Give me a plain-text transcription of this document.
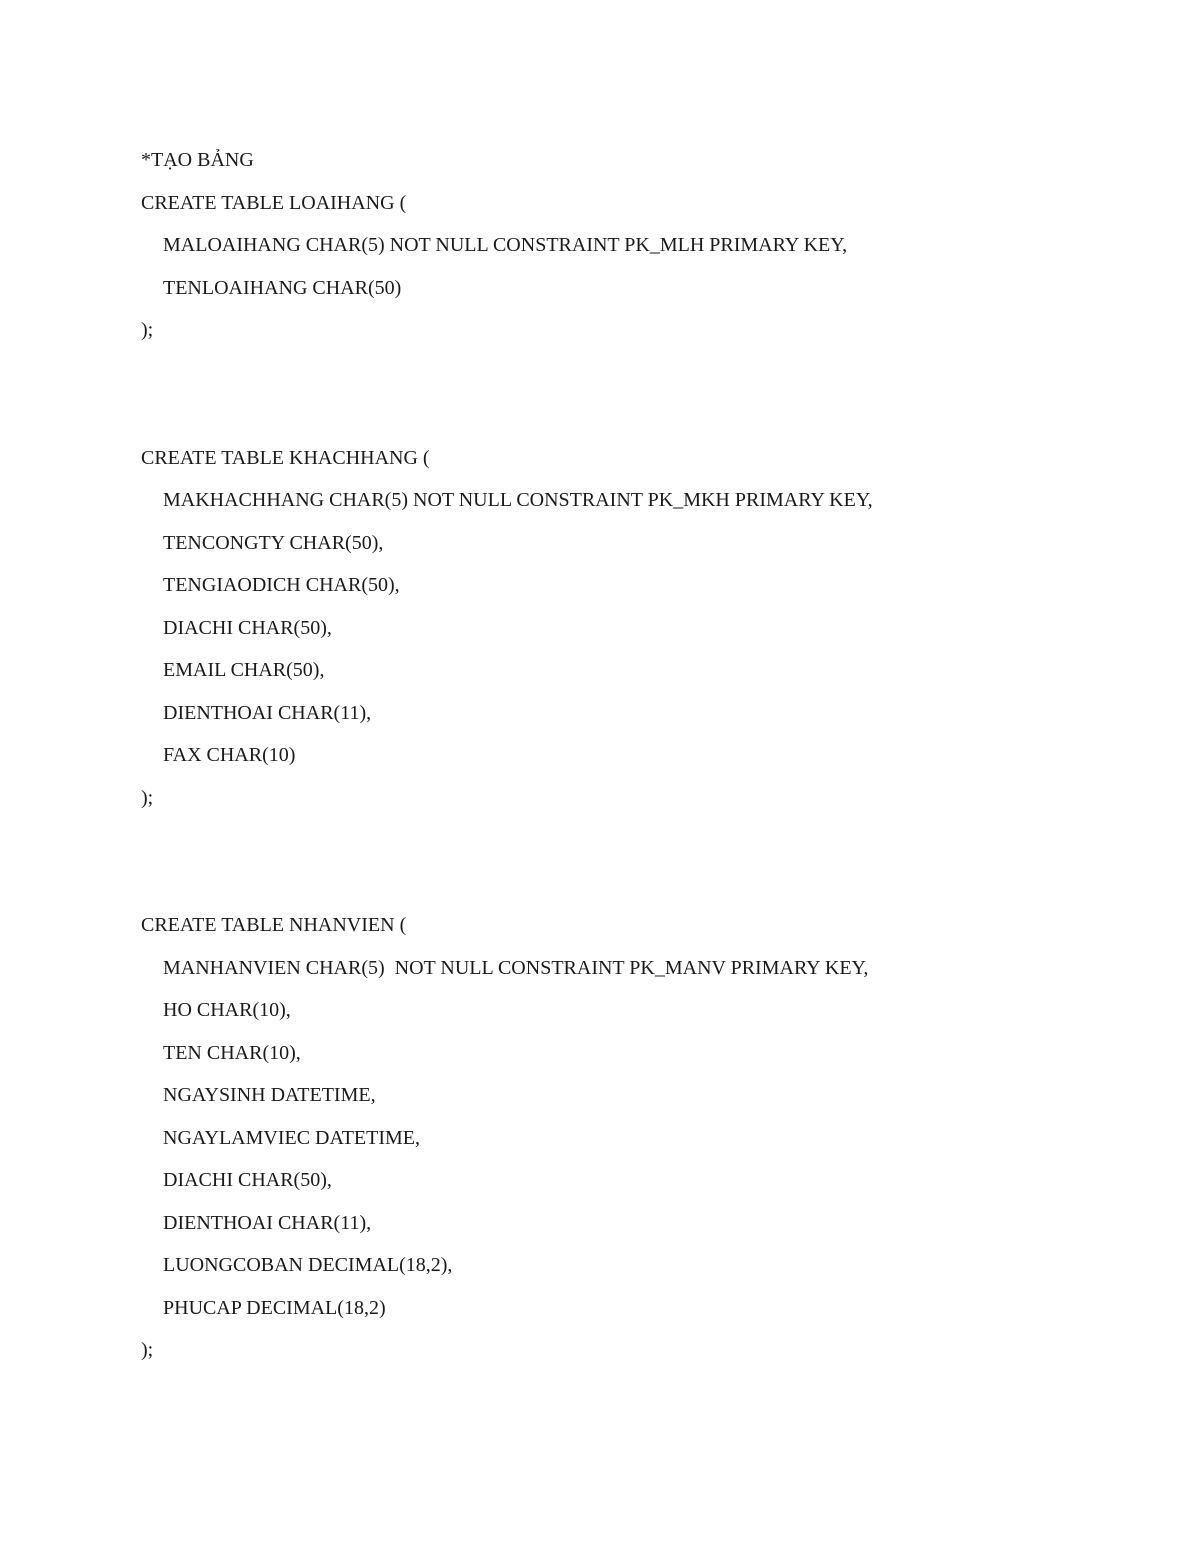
*TẠO BẢNG
CREATE TABLE LOAIHANG (
MALOAIHANG CHAR(5) NOT NULL CONSTRAINT PK_MLH PRIMARY KEY,
TENLOAIHANG CHAR(50)
);
CREATE TABLE KHACHHANG (
MAKHACHHANG CHAR(5) NOT NULL CONSTRAINT PK_MKH PRIMARY KEY,
TENCONGTY CHAR(50),
TENGIAODICH CHAR(50),
DIACHI CHAR(50),
EMAIL CHAR(50),
DIENTHOAI CHAR(11),
FAX CHAR(10)
);
CREATE TABLE NHANVIEN (
MANHANVIEN CHAR(5)  NOT NULL CONSTRAINT PK_MANV PRIMARY KEY,
HO CHAR(10),
TEN CHAR(10),
NGAYSINH DATETIME,
NGAYLAMVIEC DATETIME,
DIACHI CHAR(50),
DIENTHOAI CHAR(11),
LUONGCOBAN DECIMAL(18,2),
PHUCAP DECIMAL(18,2)
);
